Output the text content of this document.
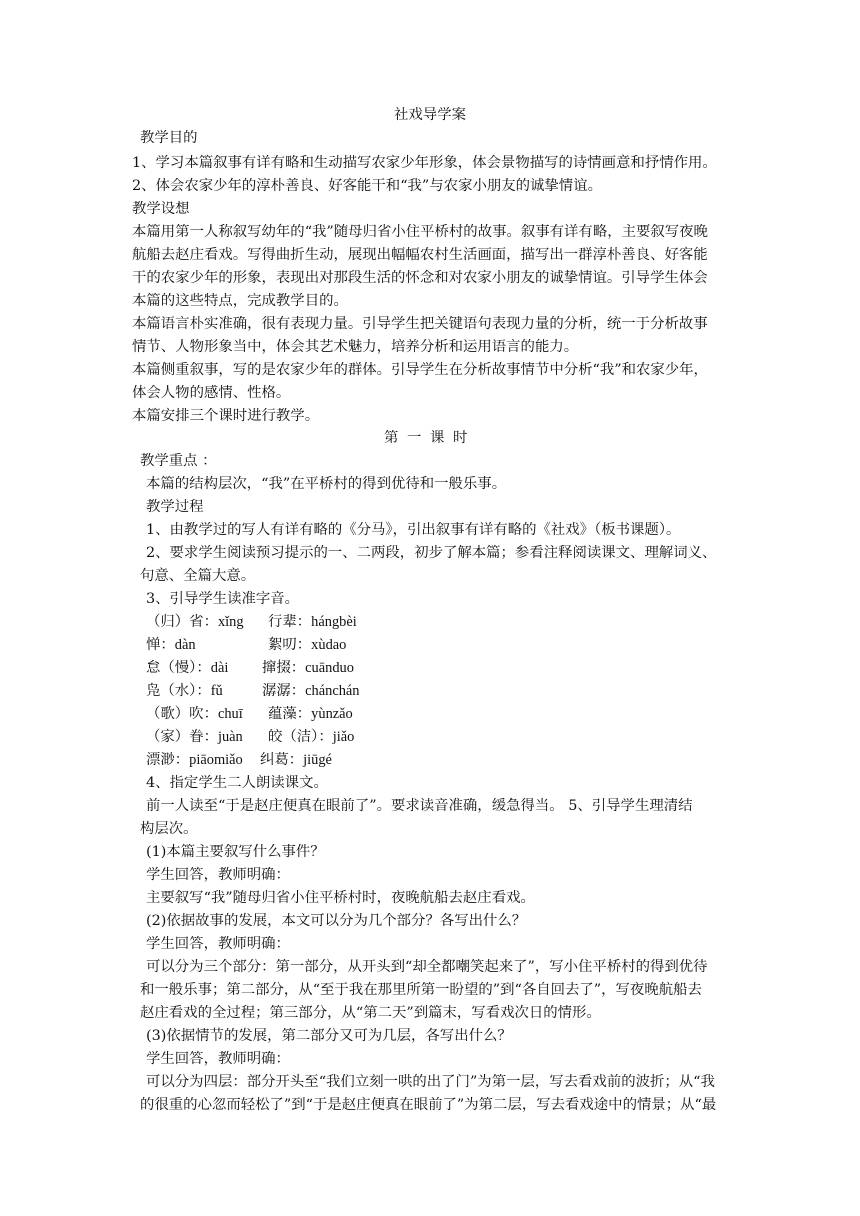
社戏导学案
教学目的
1、学习本篇叙事有详有略和生动描写农家少年形象，体会景物描写的诗情画意和抒情作用。
2、体会农家少年的淳朴善良、好客能干和“我”与农家小朋友的诚挚情谊。
教学设想
本篇用第一人称叙写幼年的“我”随母归省小住平桥村的故事。叙事有详有略，主要叙写夜晚
航船去赵庄看戏。写得曲折生动，展现出幅幅农村生活画面，描写出一群淳朴善良、好客能
干的农家少年的形象，表现出对那段生活的怀念和对农家小朋友的诚挚情谊。引导学生体会
本篇的这些特点，完成教学目的。
本篇语言朴实准确，很有表现力量。引导学生把关键语句表现力量的分析，统一于分析故事
情节、人物形象当中，体会其艺术魅力，培养分析和运用语言的能力。
本篇侧重叙事，写的是农家少年的群体。引导学生在分析故事情节中分析“我”和农家少年，
体会人物的感情、性格。
本篇安排三个课时进行教学。
第一课时
教学重点 ：
本篇的结构层次，“我”在平桥村的得到优待和一般乐事。
教学过程
1、由教学过的写人有详有略的《分马》，引出叙事有详有略的《社戏》（板书课题）。
2、要求学生阅读预习提示的一、二两段，初步了解本篇；参看注释阅读课文、理解词义、
句意、全篇大意。
3、引导学生读准字音。
（归）省：xǐng 行辈：hángbèi
惮：dàn	絮叨：xùdao
怠（慢）：dài 撺掇：cuānduo
凫（水）：fǔ	潺潺：chánchán
（歌）吹：chuī 蕴藻：yùnzǎo
（家）眷：juàn 皎（洁）：jiǎo
漂渺：piāomiǎo 纠葛：jiūgé
4、指定学生二人朗读课文。
前一人读至“于是赵庄便真在眼前了”。要求读音准确，缓急得当。 5、引导学生理清结
构层次。
(1)本篇主要叙写什么事件？
学生回答，教师明确：
主要叙写“我”随母归省小住平桥村时，夜晚航船去赵庄看戏。
(2)依据故事的发展，本文可以分为几个部分？各写出什么？
学生回答，教师明确：
可以分为三个部分：第一部分，从开头到“却全都嘲笑起来了”，写小住平桥村的得到优待
和一般乐事；第二部分，从“至于我在那里所第一盼望的”到“各自回去了”，写夜晚航船去
赵庄看戏的全过程；第三部分，从“第二天”到篇末，写看戏次日的情形。
(3)依据情节的发展，第二部分又可为几层，各写出什么？
学生回答，教师明确：
可以分为四层：部分开头至“我们立刻一哄的出了门”为第一层，写去看戏前的波折；从“我
的很重的心忽而轻松了”到“于是赵庄便真在眼前了”为第二层，写去看戏途中的情景；从“最
